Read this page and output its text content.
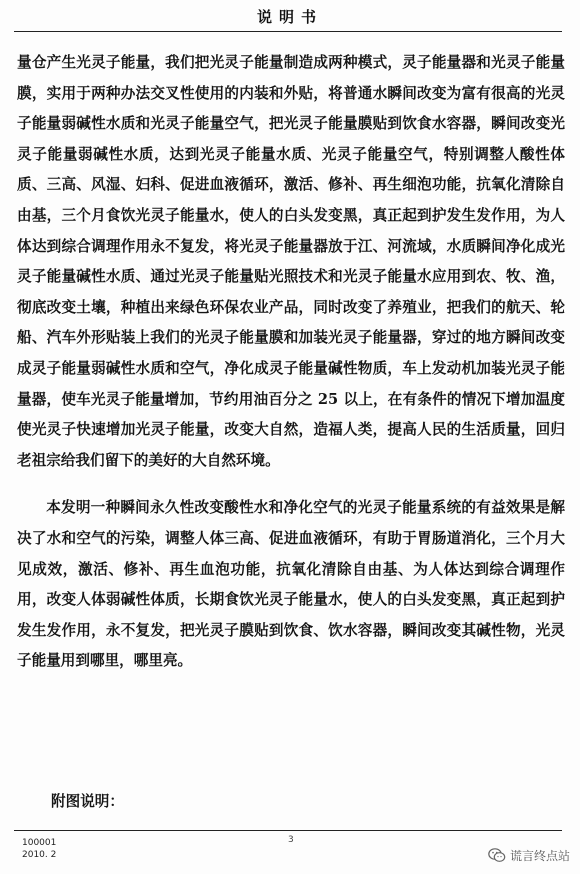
说明书

量仓产生光灵子能量，我们把光灵子能量制造成两种模式，灵子能量器和光灵子能量膜，实用于两种办法交叉性使用的内装和外贴，将普通水瞬间改变为富有很高的光灵子能量弱碱性水质和光灵子能量空气，把光灵子能量膜贴到饮食水容器，瞬间改变光灵子能量弱碱性水质，达到光灵子能量水质、光灵子能量空气，特别调整人酸性体质、三高、风湿、妇科、促进血液循环，激活、修补、再生细泡功能，抗氧化清除自由基，三个月食饮光灵子能量水，使人的白头发变黑，真正起到护发生发作用，为人体达到综合调理作用永不复发，将光灵子能量器放于江、河流域，水质瞬间净化成光灵子能量碱性水质、通过光灵子能量贴光照技术和光灵子能量水应用到农、牧、渔，彻底改变土壤，种植出来绿色环保农业产品，同时改变了养殖业，把我们的航天、轮船、汽车外形贴装上我们的光灵子能量膜和加装光灵子能量器，穿过的地方瞬间改变成灵子能量弱碱性水质和空气，净化成灵子能量碱性物质，车上发动机加装光灵子能量器，使车光灵子能量增加，节约用油百分之 25 以上，在有条件的情况下增加温度使光灵子快速增加光灵子能量，改变大自然，造福人类，提高人民的生活质量，回归老祖宗给我们留下的美好的大自然环境。

本发明一种瞬间永久性改变酸性水和净化空气的光灵子能量系统的有益效果是解决了水和空气的污染，调整人体三高、促进血液循环，有助于胃肠道消化，三个月大见成效，激活、修补、再生血泡功能，抗氧化清除自由基、为人体达到综合调理作用，改变人体弱碱性体质，长期食饮光灵子能量水，使人的白头发变黑，真正起到护发生发作用，永不复发，把光灵子膜贴到饮食、饮水容器，瞬间改变其碱性物，光灵子能量用到哪里，哪里亮。

附图说明：
100001
2010. 2
3
谎言终点站
